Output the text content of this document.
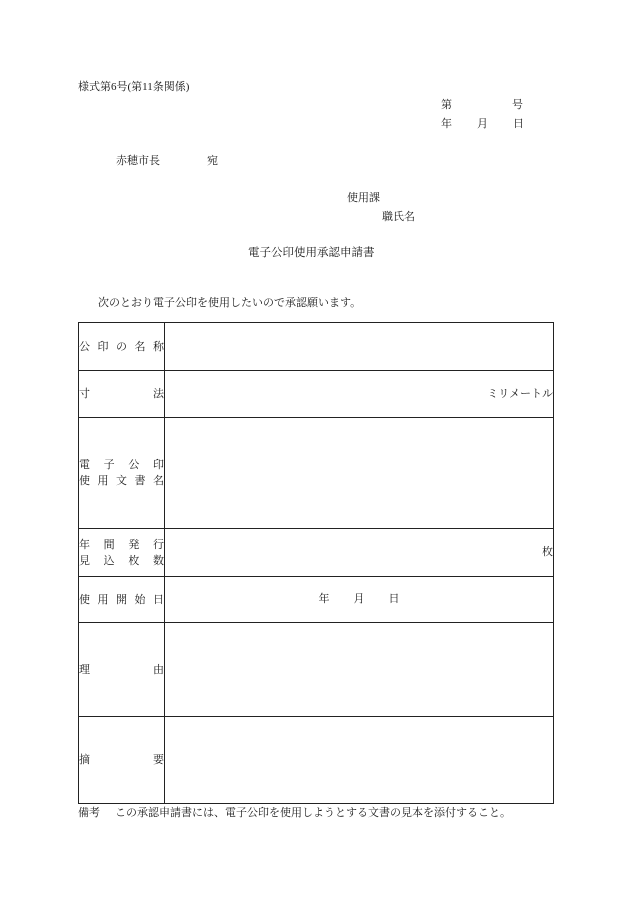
様式第6号(第11条関係)
第	号
年 月 日
赤穂市長	宛
使用課
職氏名
電子公印使用承認申請書
次のとおり電子公印を使用したいので承認願います。
公印の名称	

寸法	ミリメートル

電子公印
使用文書名	

年間発行
見込枚数	枚

使用開始日	年 月 日

理由	

摘要	

備考 この承認申請書には、電子公印を使用しようとする文書の見本を添付すること。
